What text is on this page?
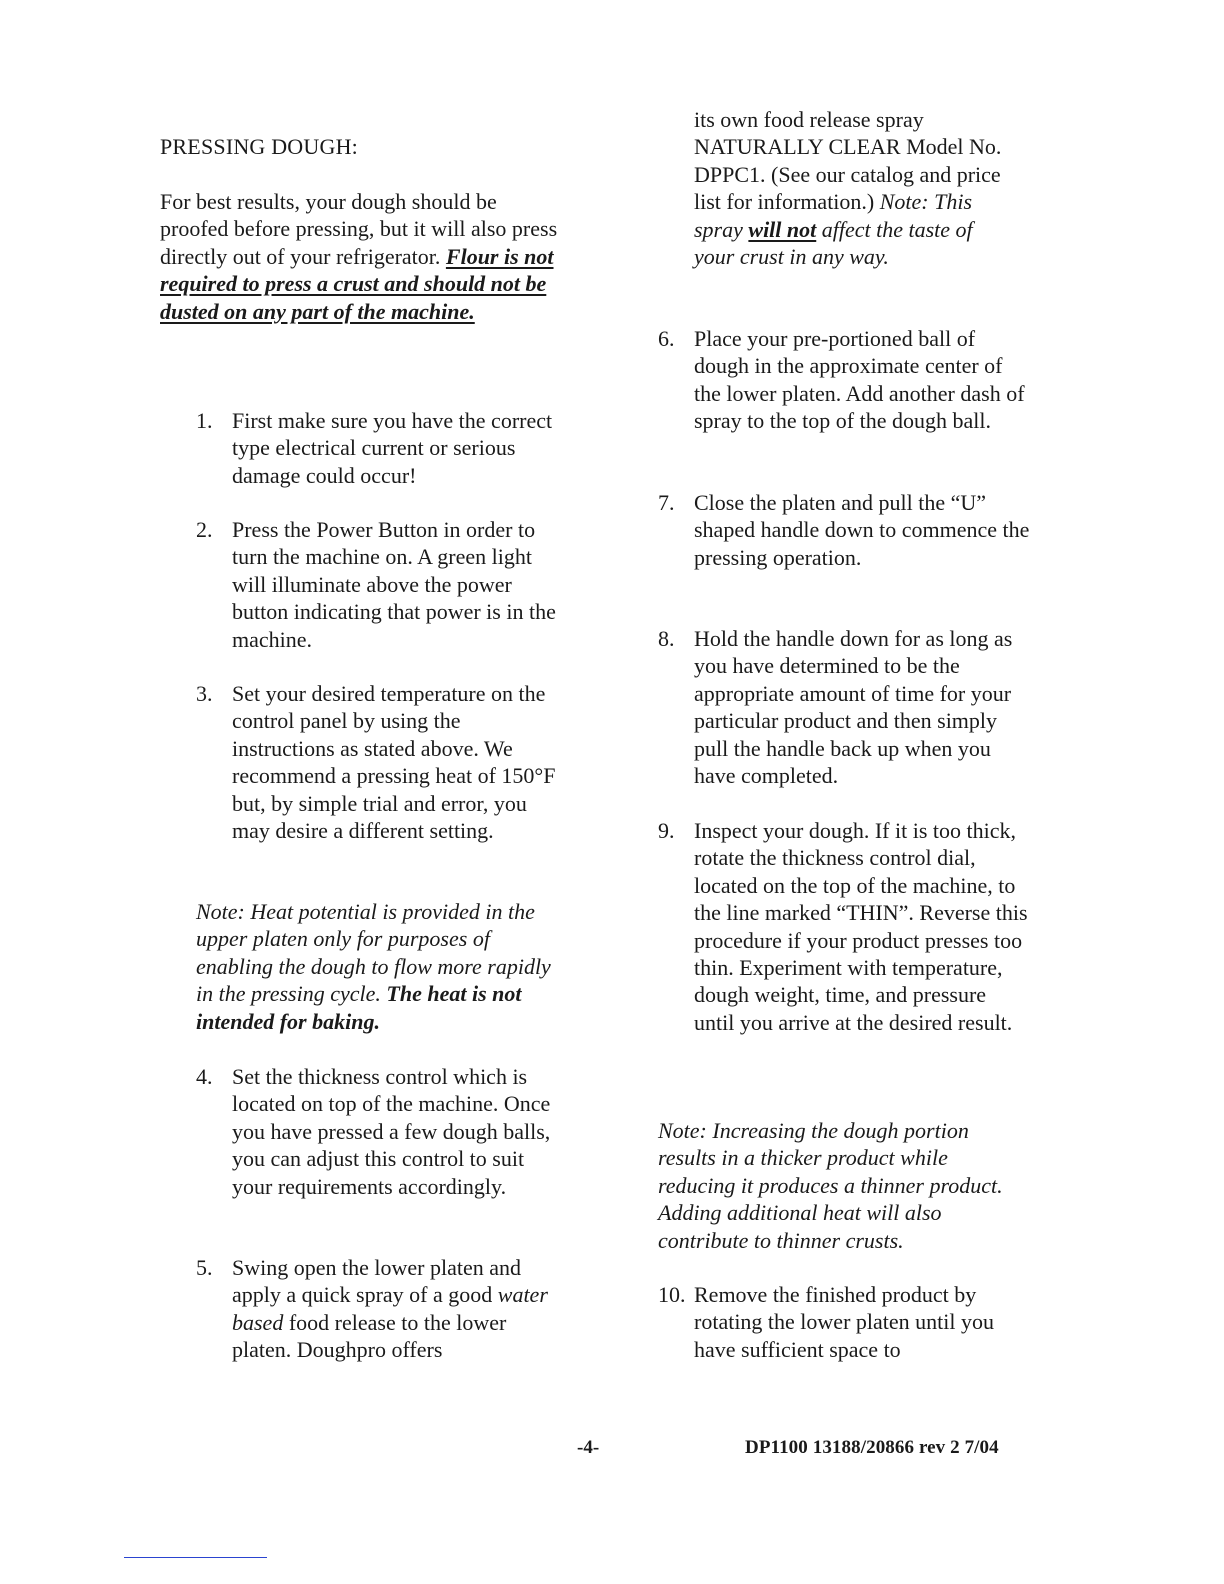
PRESSING DOUGH:

For best results, your dough should be proofed before pressing, but it will also press directly out of your refrigerator. Flour is not required to press a crust and should not be dusted on any part of the machine.

1. First make sure you have the correct type electrical current or serious damage could occur!
2. Press the Power Button in order to turn the machine on. A green light will illuminate above the power button indicating that power is in the machine.
3. Set your desired temperature on the control panel by using the instructions as stated above. We recommend a pressing heat of 150°F but, by simple trial and error, you may desire a different setting.

Note: Heat potential is provided in the upper platen only for purposes of enabling the dough to flow more rapidly in the pressing cycle. The heat is not intended for baking.

4. Set the thickness control which is located on top of the machine. Once you have pressed a few dough balls, you can adjust this control to suit your requirements accordingly.
5. Swing open the lower platen and apply a quick spray of a good water based food release to the lower platen. Doughpro offers

its own food release spray NATURALLY CLEAR Model No. DPPC1. (See our catalog and price list for information.) Note: This spray will not affect the taste of your crust in any way.

6. Place your pre-portioned ball of dough in the approximate center of the lower platen. Add another dash of spray to the top of the dough ball.
7. Close the platen and pull the “U” shaped handle down to commence the pressing operation.
8. Hold the handle down for as long as you have determined to be the appropriate amount of time for your particular product and then simply pull the handle back up when you have completed.
9. Inspect your dough. If it is too thick, rotate the thickness control dial, located on the top of the machine, to the line marked “THIN”. Reverse this procedure if your product presses too thin. Experiment with temperature, dough weight, time, and pressure until you arrive at the desired result.

Note: Increasing the dough portion results in a thicker product while reducing it produces a thinner product. Adding additional heat will also contribute to thinner crusts.

10. Remove the finished product by rotating the lower platen until you have sufficient space to
-4-	DP1100 13188/20866 rev 2 7/04
